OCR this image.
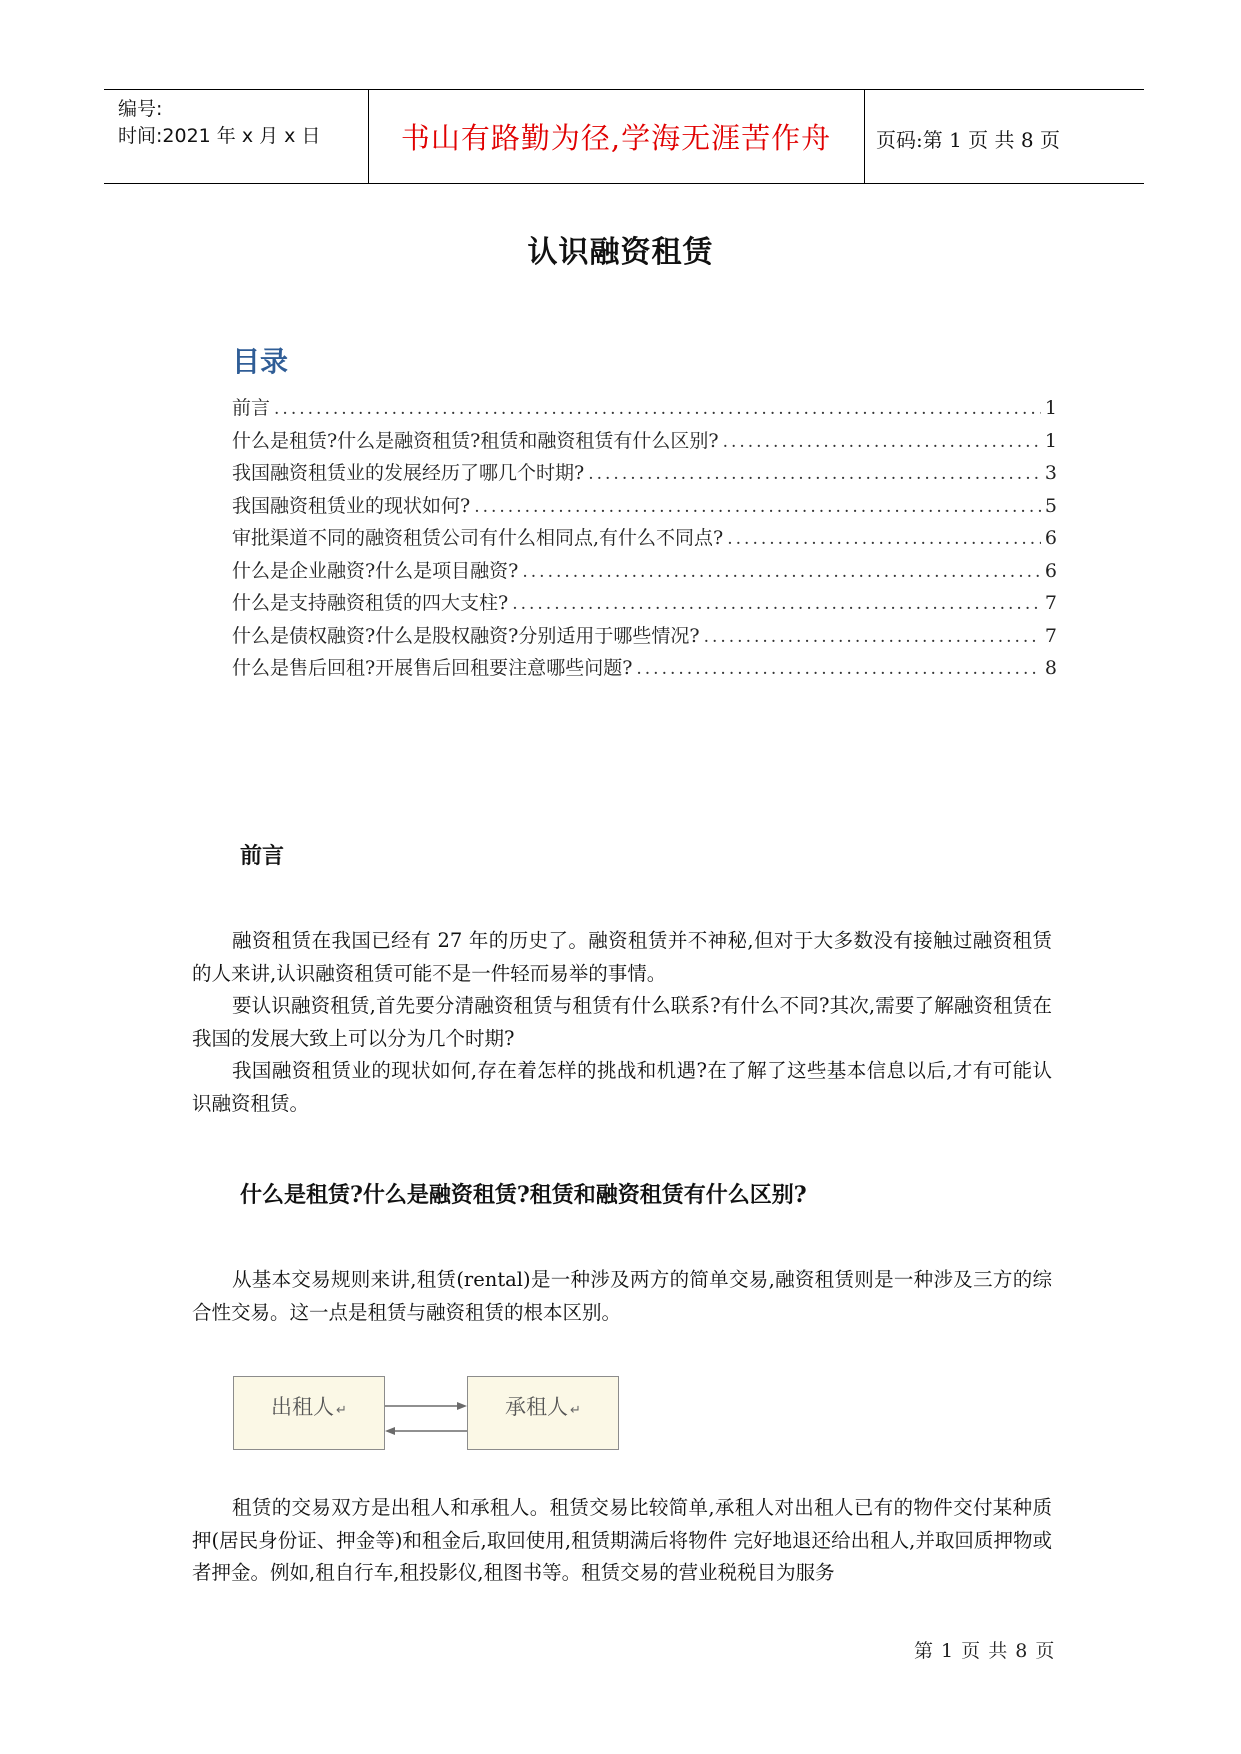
编号:
时间:2021 年 x 月 x 日	书山有路勤为径,学海无涯苦作舟	页码:第 1 页 共 8 页
认识融资租赁
目录
前言 .....	1
什么是租赁?什么是融资租赁?租赁和融资租赁有什么区别? .....	1
我国融资租赁业的发展经历了哪几个时期? .....	3
我国融资租赁业的现状如何? .....	5
审批渠道不同的融资租赁公司有什么相同点,有什么不同点? .....	6
什么是企业融资?什么是项目融资? .....	6
什么是支持融资租赁的四大支柱? .....	7
什么是债权融资?什么是股权融资?分别适用于哪些情况? .....	7
什么是售后回租?开展售后回租要注意哪些问题? .....	8
前言
融资租赁在我国已经有 27 年的历史了。融资租赁并不神秘,但对于大多数没有接触过融资租赁的人来讲,认识融资租赁可能不是一件轻而易举的事情。
要认识融资租赁,首先要分清融资租赁与租赁有什么联系?有什么不同?其次,需要了解融资租赁在我国的发展大致上可以分为几个时期?
我国融资租赁业的现状如何,存在着怎样的挑战和机遇?在了解了这些基本信息以后,才有可能认识融资租赁。
什么是租赁?什么是融资租赁?租赁和融资租赁有什么区别?
从基本交易规则来讲,租赁(rental)是一种涉及两方的简单交易,融资租赁则是一种涉及三方的综合性交易。这一点是租赁与融资租赁的根本区别。
出租人 ↵	承租人 ↵
租赁的交易双方是出租人和承租人。租赁交易比较简单,承租人对出租人已有的物件交付某种质押(居民身份证、押金等)和租金后,取回使用,租赁期满后将物件 完好地退还给出租人,并取回质押物或者押金。例如,租自行车,租投影仪,租图书等。租赁交易的营业税税目为服务
第 1 页 共 8 页
